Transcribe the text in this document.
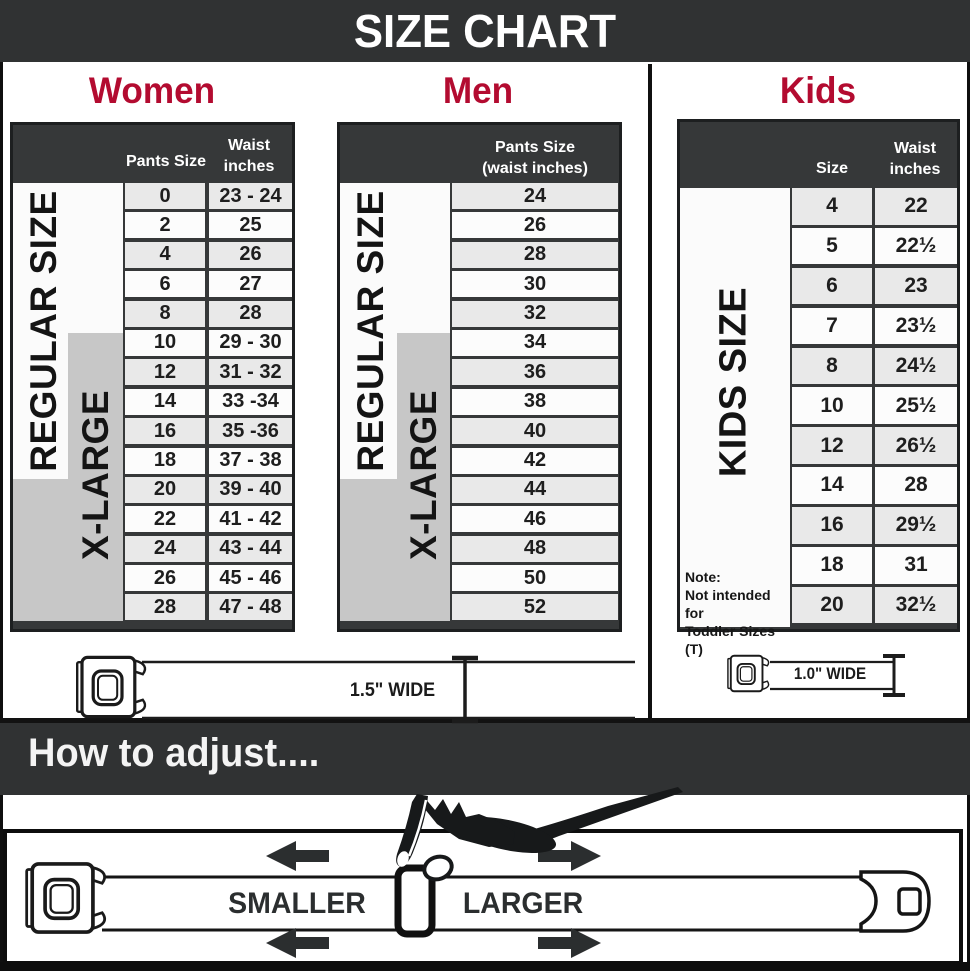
SIZE CHART
Women	Men	Kids
Pants Size
Waist
inches
REGULAR SIZE
X-LARGE
0	23 - 24
2	25
4	26
6	27
8	28
10	29 - 30
12	31 - 32
14	33 -34
16	35 -36
18	37 - 38
20	39 - 40
22	41 - 42
24	43 - 44
26	45 - 46
28	47 - 48
Pants Size
(waist inches)
REGULAR SIZE
X-LARGE
24
26
28
30
32
34
36
38
40
42
44
46
48
50
52
Size
Waist
inches
KIDS SIZE
Note:
Not intended for
Toddler Sizes (T)
4	22
5	22½
6	23
7	23½
8	24½
10	25½
12	26½
14	28
16	29½
18	31
20	32½
1.5" WIDE
1.0" WIDE
How to adjust....
SMALLER	LARGER
